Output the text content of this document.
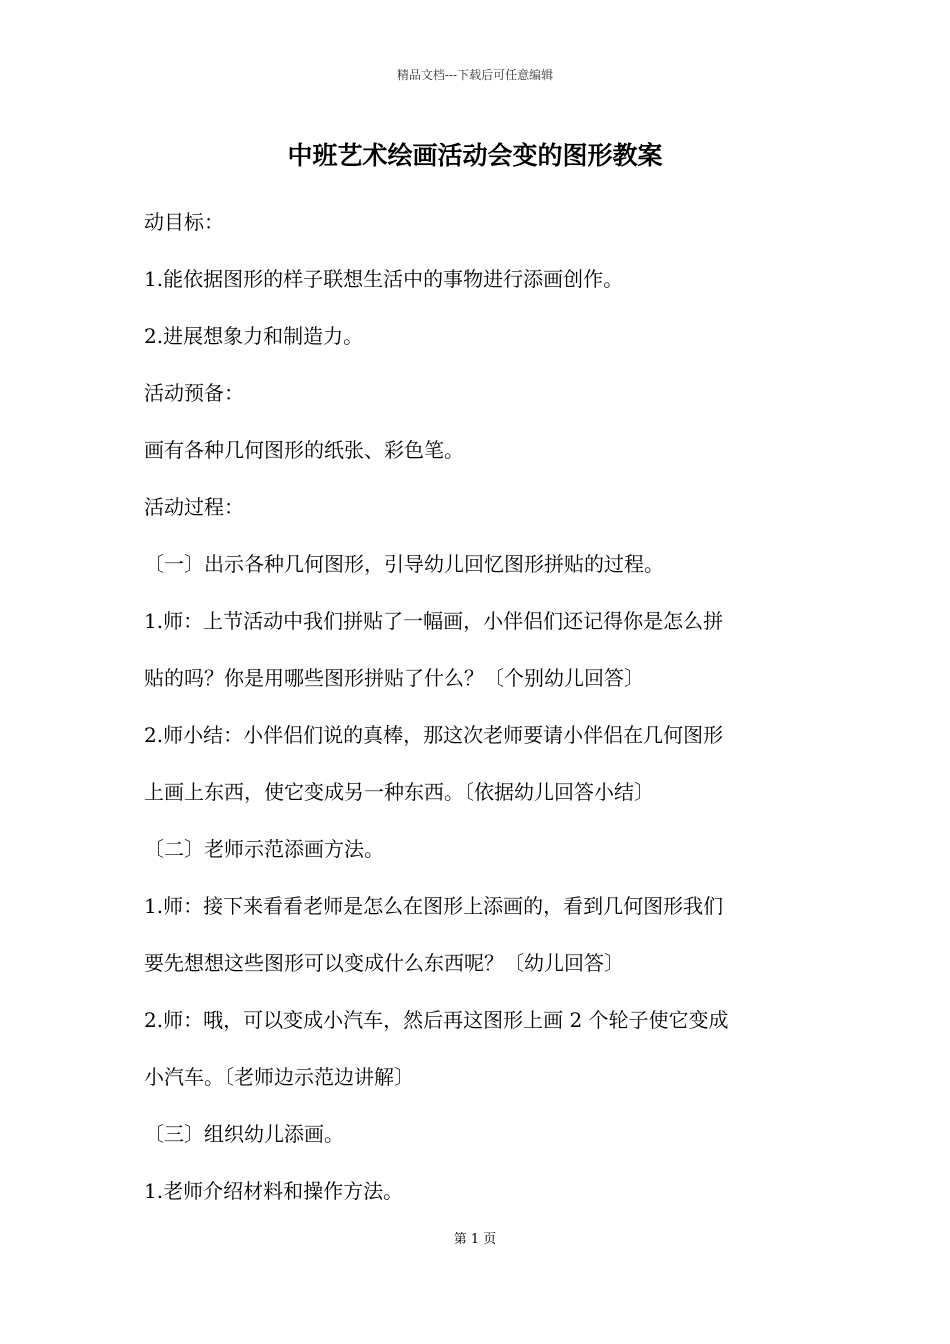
精品文档---下载后可任意编辑
中班艺术绘画活动会变的图形教案
动目标：
1.能依据图形的样子联想生活中的事物进行添画创作。
2.进展想象力和制造力。
活动预备：
画有各种几何图形的纸张、彩色笔。
活动过程：
〔一〕出示各种几何图形，引导幼儿回忆图形拼贴的过程。
1.师：上节活动中我们拼贴了一幅画，小伴侣们还记得你是怎么拼
贴的吗？你是用哪些图形拼贴了什么？〔个别幼儿回答〕
2.师小结：小伴侣们说的真棒，那这次老师要请小伴侣在几何图形
上画上东西，使它变成另一种东西。〔依据幼儿回答小结〕
〔二〕老师示范添画方法。
1.师：接下来看看老师是怎么在图形上添画的，看到几何图形我们
要先想想这些图形可以变成什么东西呢？〔幼儿回答〕
2.师：哦，可以变成小汽车，然后再这图形上画 2 个轮子使它变成
小汽车。〔老师边示范边讲解〕
〔三〕组织幼儿添画。
1.老师介绍材料和操作方法。
第 1 页
